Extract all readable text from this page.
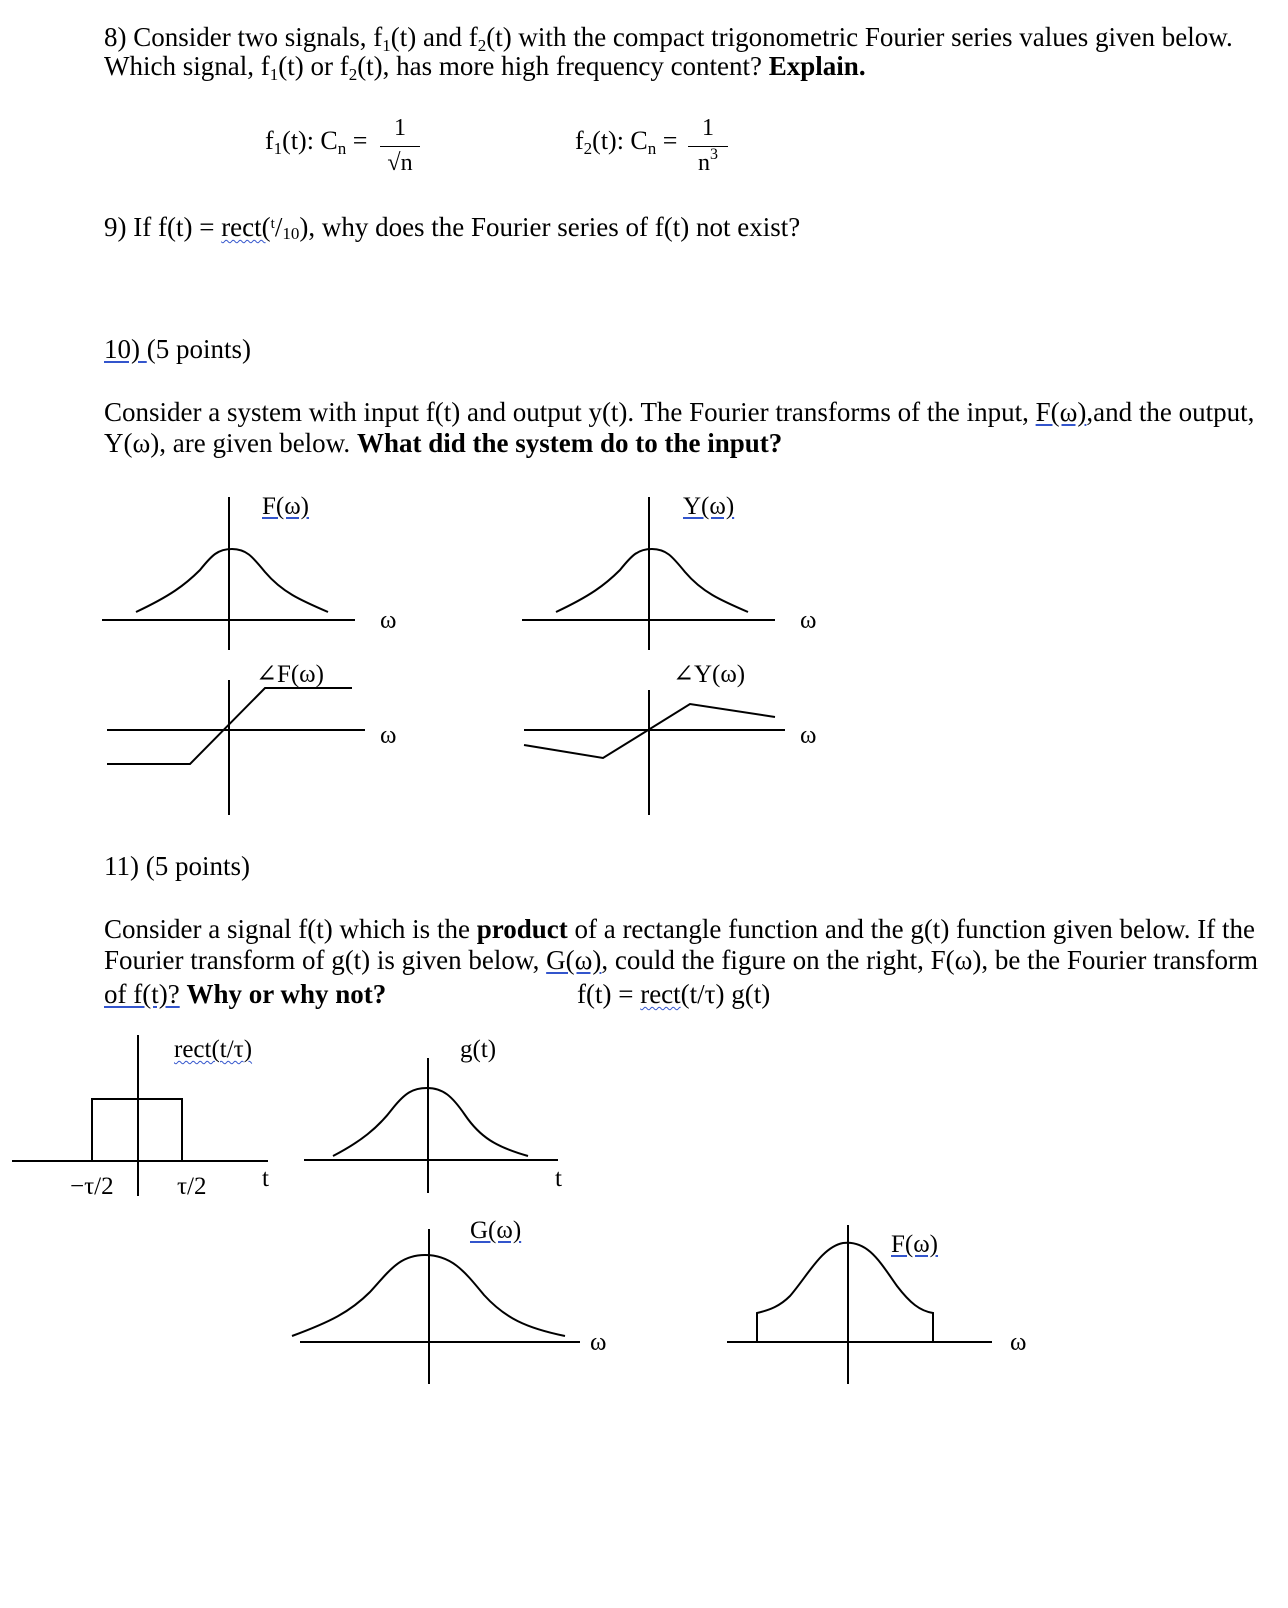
8) Consider two signals, f1(t) and f2(t) with the compact trigonometric Fourier series values given below.
Which signal, f1(t) or f2(t), has more high frequency content? Explain.
f1(t): Cn =	1
√n
f2(t): Cn =	1
$n^3$
9) If f(t) = rect($^t$/10), why does the Fourier series of f(t) not exist?
10) (5 points)
Consider a system with input f(t) and output y(t). The Fourier transforms of the input, F(ω),and the output,
Y(ω), are given below. What did the system do to the input?
F(ω)	Y(ω)
ω	ω
∠F(ω)	∠Y(ω)
ω	ω
11) (5 points)
Consider a signal f(t) which is the product of a rectangle function and the g(t) function given below. If the
Fourier transform of g(t) is given below, G(ω), could the figure on the right, F(ω), be the Fourier transform
of f(t)? Why or why not?	f(t) = rect(t/τ) g(t)
rect(t/τ)	g(t)
−τ/2	τ/2 t	t
G(ω)
F(ω)
ω	ω
